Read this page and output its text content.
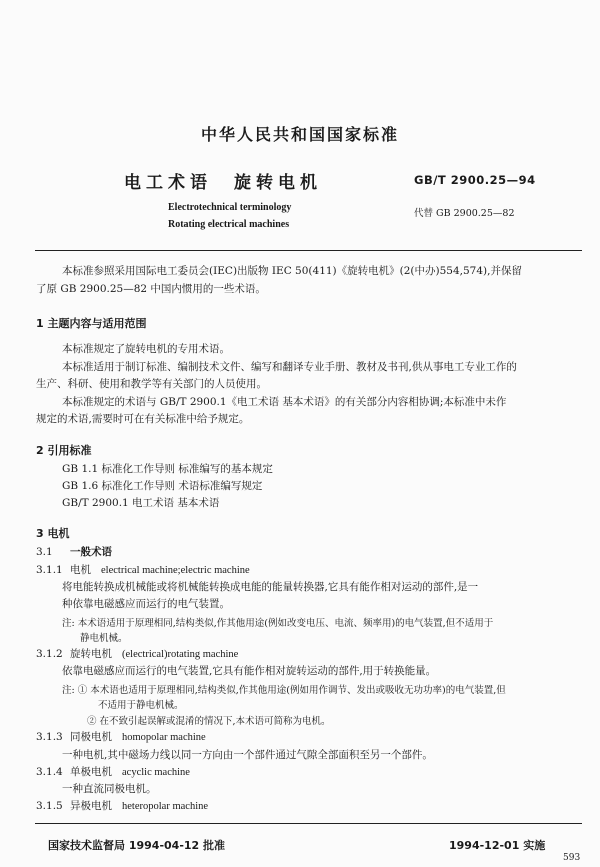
中华人民共和国国家标准
电工术语 旋转电机	GB/T 2900.25—94
Electrotechnical terminology
Rotating electrical machines
代替 GB 2900.25—82
本标准参照采用国际电工委员会(IEC)出版物 IEC 50(411)《旋转电机》(2(中办)554,574),并保留
了原 GB 2900.25—82 中国内惯用的一些术语。
1 主题内容与适用范围
本标准规定了旋转电机的专用术语。
本标准适用于制订标准、编制技术文件、编写和翻译专业手册、教材及书刊,供从事电工专业工作的
生产、科研、使用和教学等有关部门的人员使用。
本标准规定的术语与 GB/T 2900.1《电工术语 基本术语》的有关部分内容相协调;本标准中未作
规定的术语,需要时可在有关标准中给予规定。
2 引用标准
GB 1.1 标准化工作导则 标准编写的基本规定
GB 1.6 标准化工作导则 术语标准编写规定
GB/T 2900.1 电工术语 基本术语
3 电机
3.1 一般术语
3.1.1 电机 electrical machine;electric machine
将电能转换成机械能或将机械能转换成电能的能量转换器,它具有能作相对运动的部件,是一
种依靠电磁感应而运行的电气装置。
注: 本术语适用于原理相同,结构类似,作其他用途(例如改变电压、电流、频率用)的电气装置,但不适用于
静电机械。
3.1.2 旋转电机 (electrical)rotating machine
依靠电磁感应而运行的电气装置,它具有能作相对旋转运动的部件,用于转换能量。
注: ① 本术语也适用于原理相同,结构类似,作其他用途(例如用作调节、发出或吸收无功功率)的电气装置,但
不适用于静电机械。
② 在不致引起误解或混淆的情况下,本术语可简称为电机。
3.1.3 同极电机 homopolar machine
一种电机,其中磁场力线以同一方向由一个部件通过气隙全部面积至另一个部件。
3.1.4 单极电机 acyclic machine
一种直流同极电机。
3.1.5 异极电机 heteropolar machine
国家技术监督局 1994-04-12 批准	1994-12-01 实施
593
